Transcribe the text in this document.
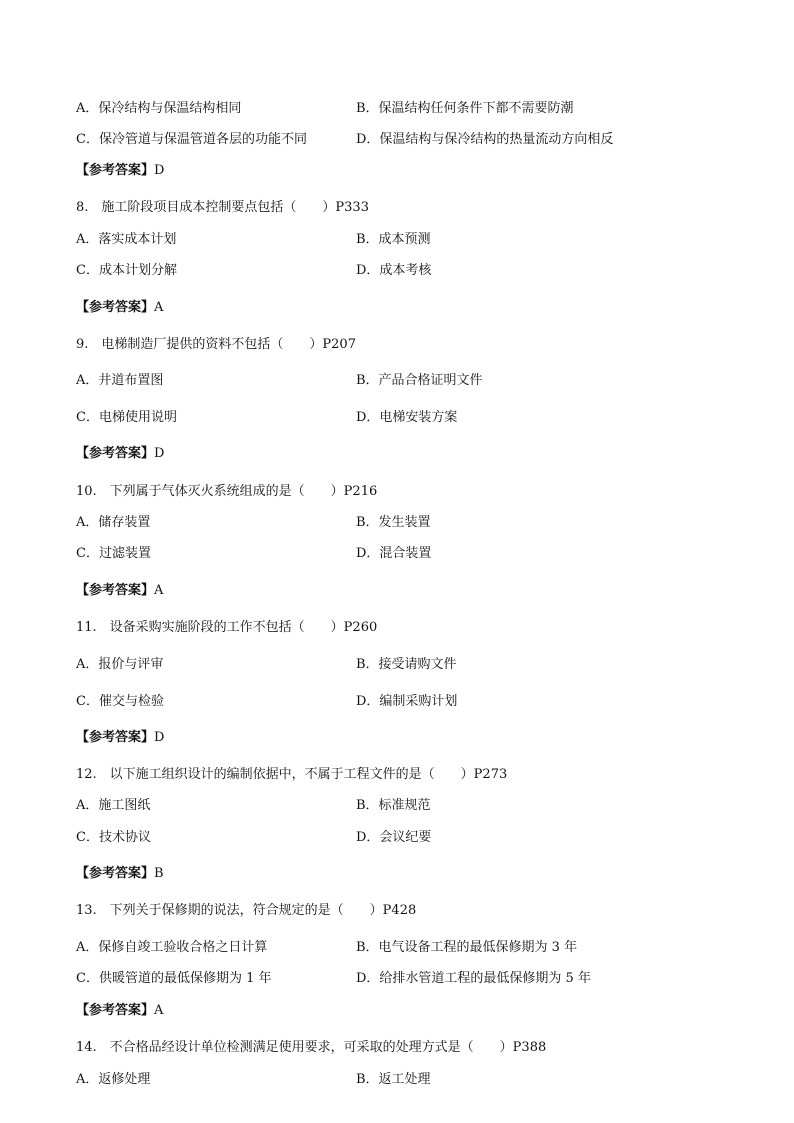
A．保冷结构与保温结构相同	B．保温结构任何条件下都不需要防潮
C．保冷管道与保温管道各层的功能不同	D．保温结构与保冷结构的热量流动方向相反
【参考答案】D
8.　施工阶段项目成本控制要点包括（　　）P333
A．落实成本计划	B．成本预测
C．成本计划分解	D．成本考核
【参考答案】A
9.　电梯制造厂提供的资料不包括（　　）P207
A．井道布置图	B．产品合格证明文件
C．电梯使用说明	D．电梯安装方案
【参考答案】D
10.　下列属于气体灭火系统组成的是（　　）P216
A．储存装置	B．发生装置
C．过滤装置	D．混合装置
【参考答案】A
11.　设备采购实施阶段的工作不包括（　　）P260
A．报价与评审	B．接受请购文件
C．催交与检验	D．编制采购计划
【参考答案】D
12.　以下施工组织设计的编制依据中，不属于工程文件的是（　　）P273
A．施工图纸	B．标准规范
C．技术协议	D．会议纪要
【参考答案】B
13.　下列关于保修期的说法，符合规定的是（　　）P428
A．保修自竣工验收合格之日计算	B．电气设备工程的最低保修期为 3 年
C．供暖管道的最低保修期为 1 年	D．给排水管道工程的最低保修期为 5 年
【参考答案】A
14.　不合格品经设计单位检测满足使用要求，可采取的处理方式是（　　）P388
A．返修处理	B．返工处理
